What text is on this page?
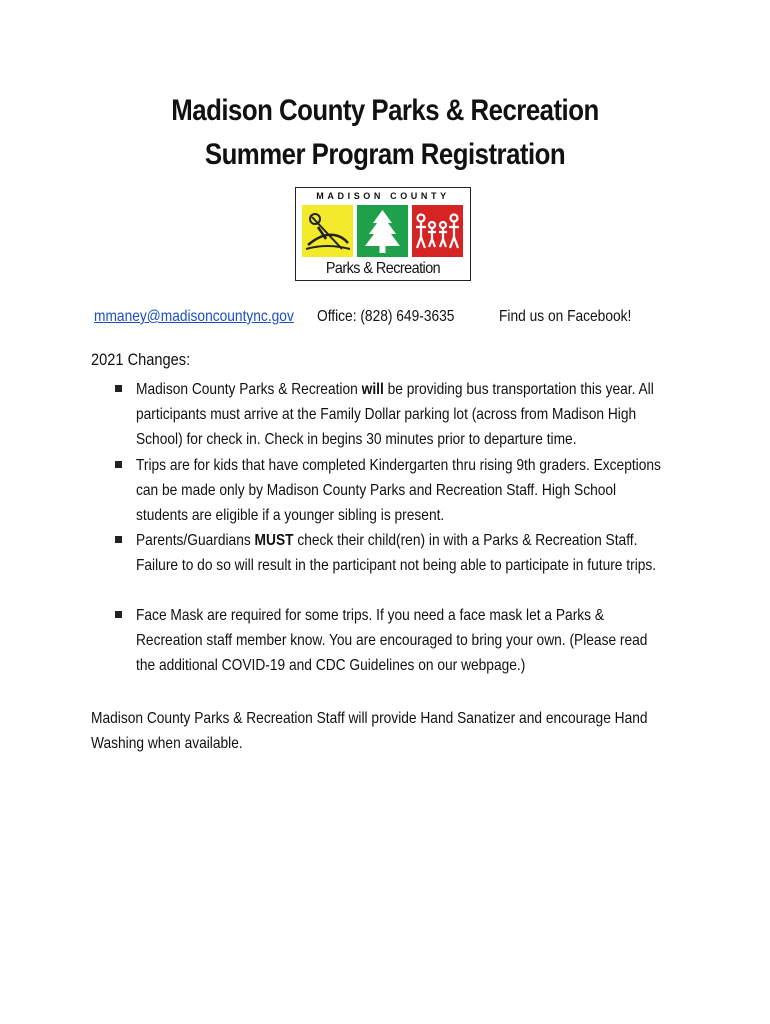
Madison County Parks & Recreation
Summer Program Registration
MADISON COUNTY
Parks & Recreation
mmaney@madisoncountync.gov Office: (828) 649-3635	Find us on Facebook!
2021 Changes:
Madison County Parks & Recreation will be providing bus transportation this year. All participants must arrive at the Family Dollar parking lot (across from Madison High School) for check in. Check in begins 30 minutes prior to departure time.
Trips are for kids that have completed Kindergarten thru rising 9th graders. Exceptions can be made only by Madison County Parks and Recreation Staff. High School students are eligible if a younger sibling is present.
Parents/Guardians MUST check their child(ren) in with a Parks & Recreation Staff. Failure to do so will result in the participant not being able to participate in future trips.
Face Mask are required for some trips. If you need a face mask let a Parks & Recreation staff member know. You are encouraged to bring your own. (Please read the additional COVID-19 and CDC Guidelines on our webpage.)
Madison County Parks & Recreation Staff will provide Hand Sanatizer and encourage Hand Washing when available.
